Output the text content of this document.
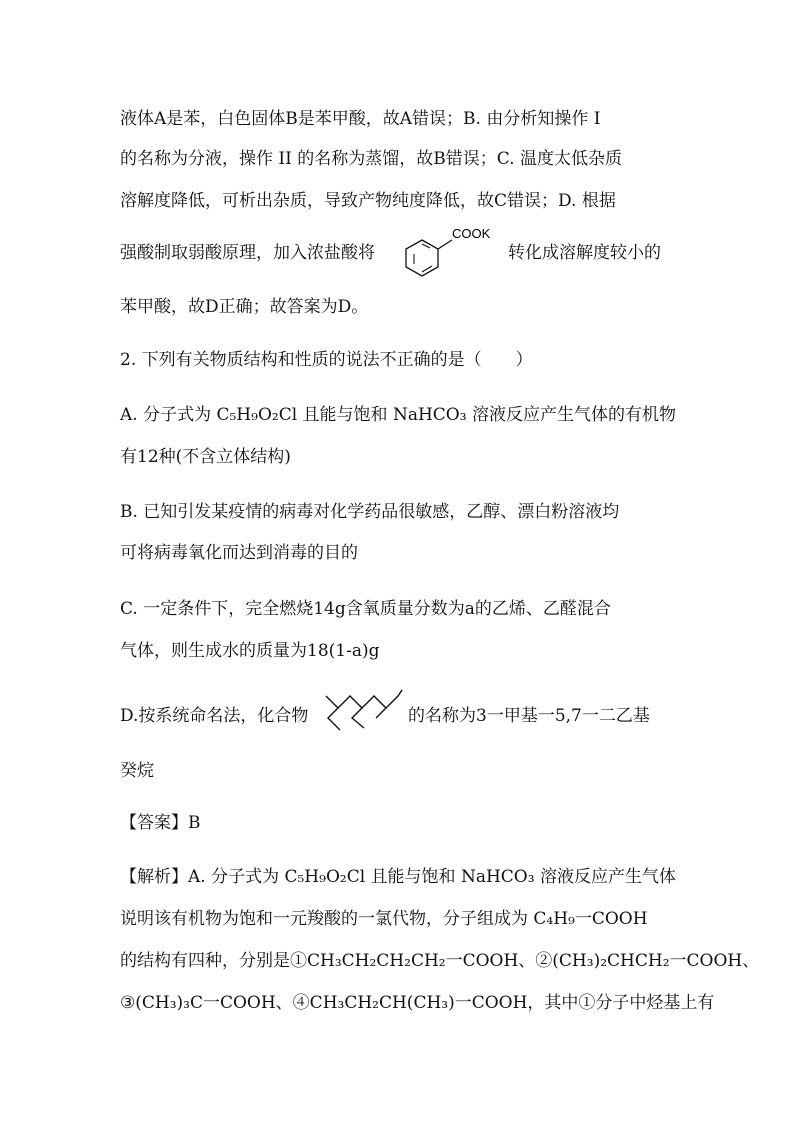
液体A是苯，白色固体B是苯甲酸，故A错误；B. 由分析知操作 I
的名称为分液，操作 II 的名称为蒸馏，故B错误；C. 温度太低杂质
溶解度降低，可析出杂质，导致产物纯度降低，故C错误；D. 根据
强酸制取弱酸原理，加入浓盐酸将
COOK
转化成溶解度较小的
苯甲酸，故D正确；故答案为D。
2. 下列有关物质结构和性质的说法不正确的是（　　）
A. 分子式为 C₅H₉O₂Cl 且能与饱和 NaHCO₃ 溶液反应产生气体的有机物
有12种(不含立体结构)
B. 已知引发某疫情的病毒对化学药品很敏感，乙醇、漂白粉溶液均
可将病毒氧化而达到消毒的目的
C. 一定条件下，完全燃烧14g含氧质量分数为a的乙烯、乙醛混合
气体，则生成水的质量为18(1-a)g
D.按系统命名法，化合物	的名称为3一甲基一5,7一二乙基
癸烷
【答案】B
【解析】A. 分子式为 C₅H₉O₂Cl 且能与饱和 NaHCO₃ 溶液反应产生气体
说明该有机物为饱和一元羧酸的一氯代物，分子组成为 C₄H₉一COOH
的结构有四种，分别是①CH₃CH₂CH₂CH₂一COOH、②(CH₃)₂CHCH₂一COOH、
③(CH₃)₃C一COOH、④CH₃CH₂CH(CH₃)一COOH，其中①分子中烃基上有
